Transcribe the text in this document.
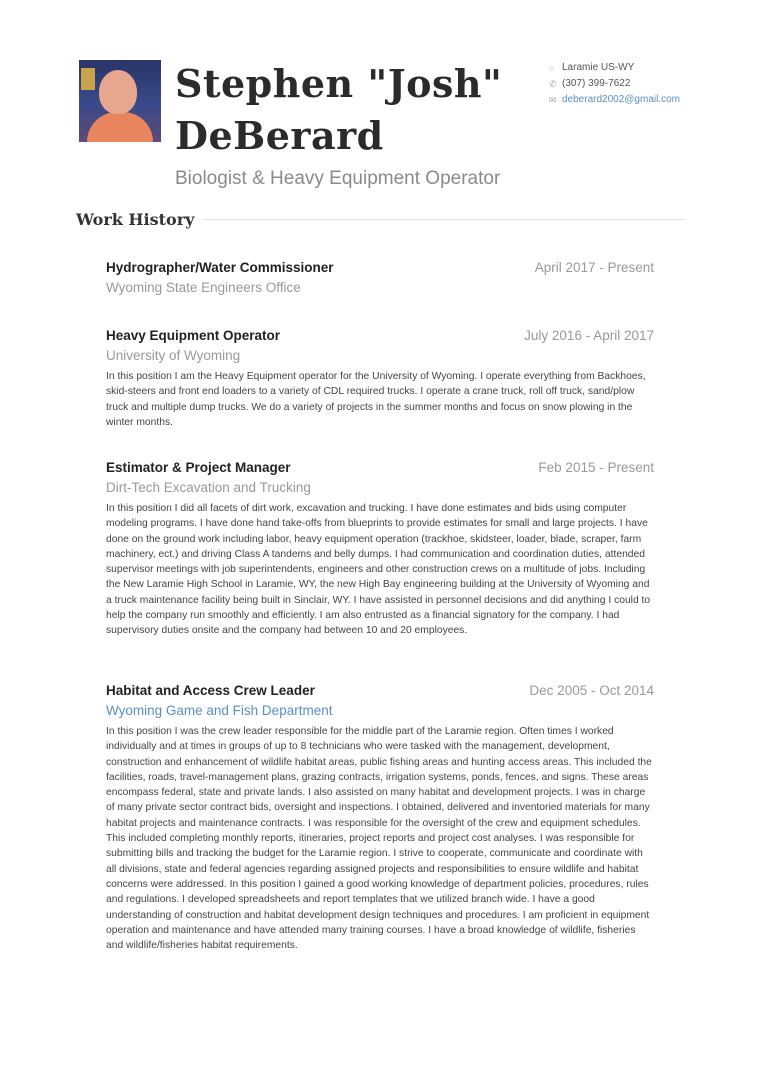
Stephen "Josh" DeBerard
Biologist & Heavy Equipment Operator
○ Laramie US-WY
✆ (307) 399-7622
✉ deberard2002@gmail.com
Work History
Hydrographer/Water Commissioner	April 2017 - Present
Wyoming State Engineers Office
Heavy Equipment Operator	July 2016 - April 2017
University of Wyoming
In this position I am the Heavy Equipment operator for the University of Wyoming. I operate everything from Backhoes, skid-steers and front end loaders to a variety of CDL required trucks. I operate a crane truck, roll off truck, sand/plow truck and multiple dump trucks. We do a variety of projects in the summer months and focus on snow plowing in the winter months.
Estimator & Project Manager	Feb 2015 - Present
Dirt-Tech Excavation and Trucking
In this position I did all facets of dirt work, excavation and trucking. I have done estimates and bids using computer modeling programs. I have done hand take-offs from blueprints to provide estimates for small and large projects. I have done on the ground work including labor, heavy equipment operation (trackhoe, skidsteer, loader, blade, scraper, farm machinery, ect.) and driving Class A tandems and belly dumps. I had communication and coordination duties, attended supervisor meetings with job superintendents, engineers and other construction crews on a multitude of jobs. Including the New Laramie High School in Laramie, WY, the new High Bay engineering building at the University of Wyoming and a truck maintenance facility being built in Sinclair, WY. I have assisted in personnel decisions and did anything I could to help the company run smoothly and efficiently. I am also entrusted as a financial signatory for the company. I had supervisory duties onsite and the company had between 10 and 20 employees.
Habitat and Access Crew Leader	Dec 2005 - Oct 2014
Wyoming Game and Fish Department
In this position I was the crew leader responsible for the middle part of the Laramie region. Often times I worked individually and at times in groups of up to 8 technicians who were tasked with the management, development, construction and enhancement of wildlife habitat areas, public fishing areas and hunting access areas. This included the facilities, roads, travel-management plans, grazing contracts, irrigation systems, ponds, fences, and signs. These areas encompass federal, state and private lands. I also assisted on many habitat and development projects. I was in charge of many private sector contract bids, oversight and inspections. I obtained, delivered and inventoried materials for many habitat projects and maintenance contracts. I was responsible for the oversight of the crew and equipment schedules. This included completing monthly reports, itineraries, project reports and project cost analyses. I was responsible for submitting bills and tracking the budget for the Laramie region. I strive to cooperate, communicate and coordinate with all divisions, state and federal agencies regarding assigned projects and responsibilities to ensure wildlife and habitat concerns were addressed. In this position I gained a good working knowledge of department policies, procedures, rules and regulations. I developed spreadsheets and report templates that we utilized branch wide. I have a good understanding of construction and habitat development design techniques and procedures. I am proficient in equipment operation and maintenance and have attended many training courses. I have a broad knowledge of wildlife, fisheries and wildlife/fisheries habitat requirements.
